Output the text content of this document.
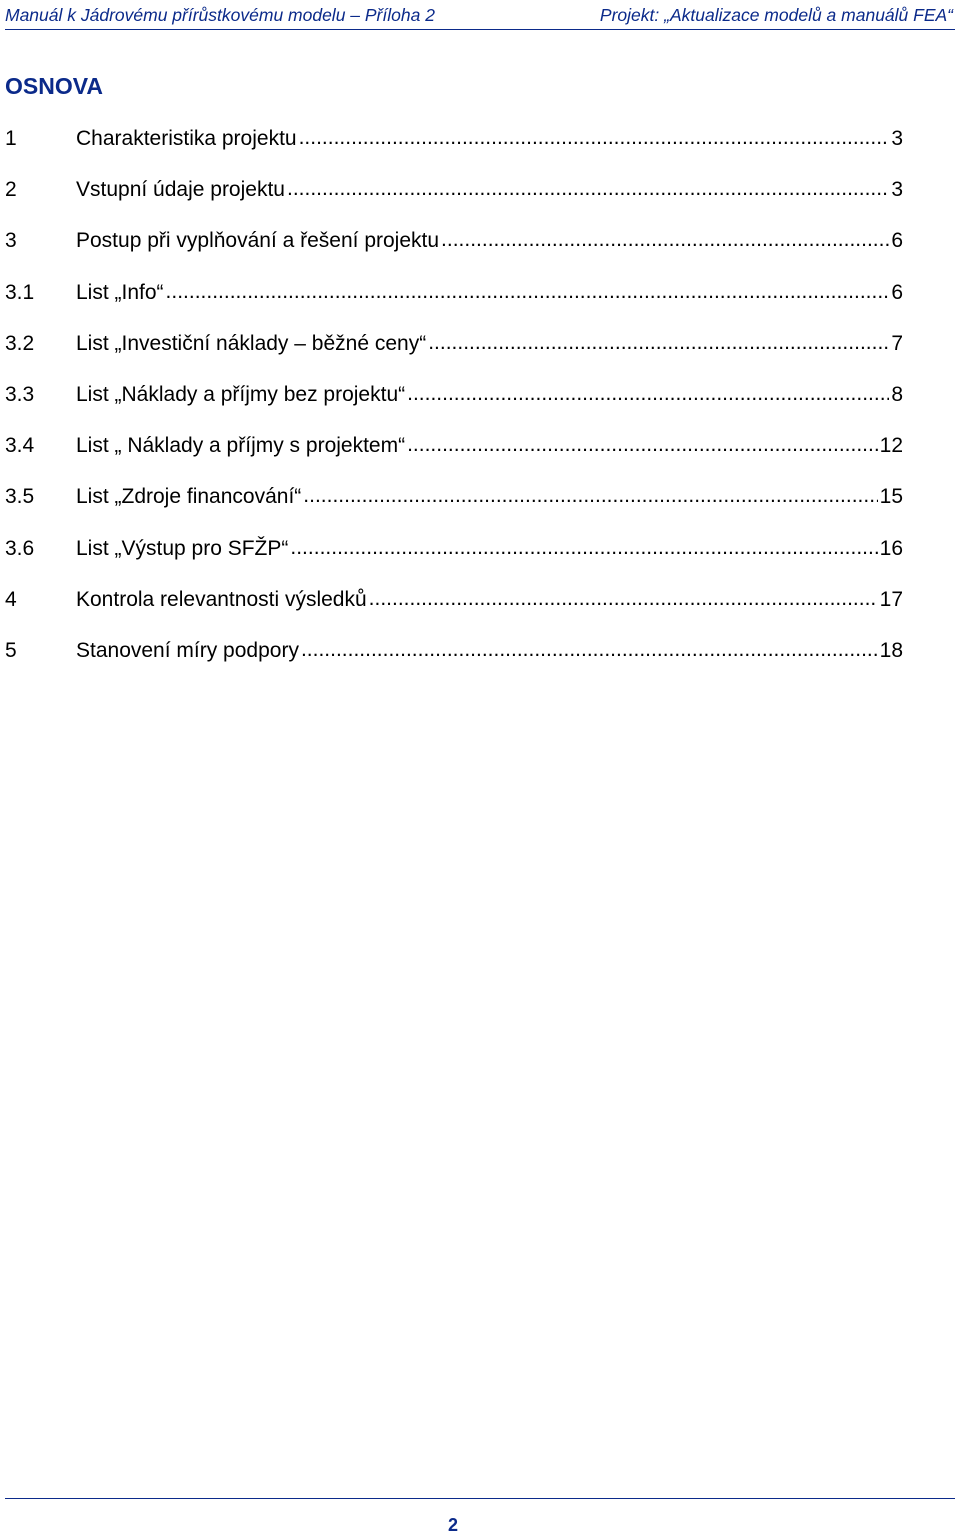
Manuál k Jádrovému přírůstkovému modelu – Příloha 2	Projekt: „Aktualizace modelů a manuálů FEA“
OSNOVA
1	Charakteristika projektu .....	3
2	Vstupní údaje projektu .....	3
3	Postup při vyplňování a řešení projektu .....	6
3.1	List „Info“ .....	6
3.2	List „Investiční náklady – běžné ceny“ .....	7
3.3	List „Náklady a příjmy bez projektu“ .....	8
3.4	List „ Náklady a příjmy s projektem“ .....	12
3.5	List „Zdroje financování“ .....	15
3.6	List „Výstup pro SFŽP“ .....	16
4	Kontrola relevantnosti výsledků .....	17
5	Stanovení míry podpory .....	18
2
